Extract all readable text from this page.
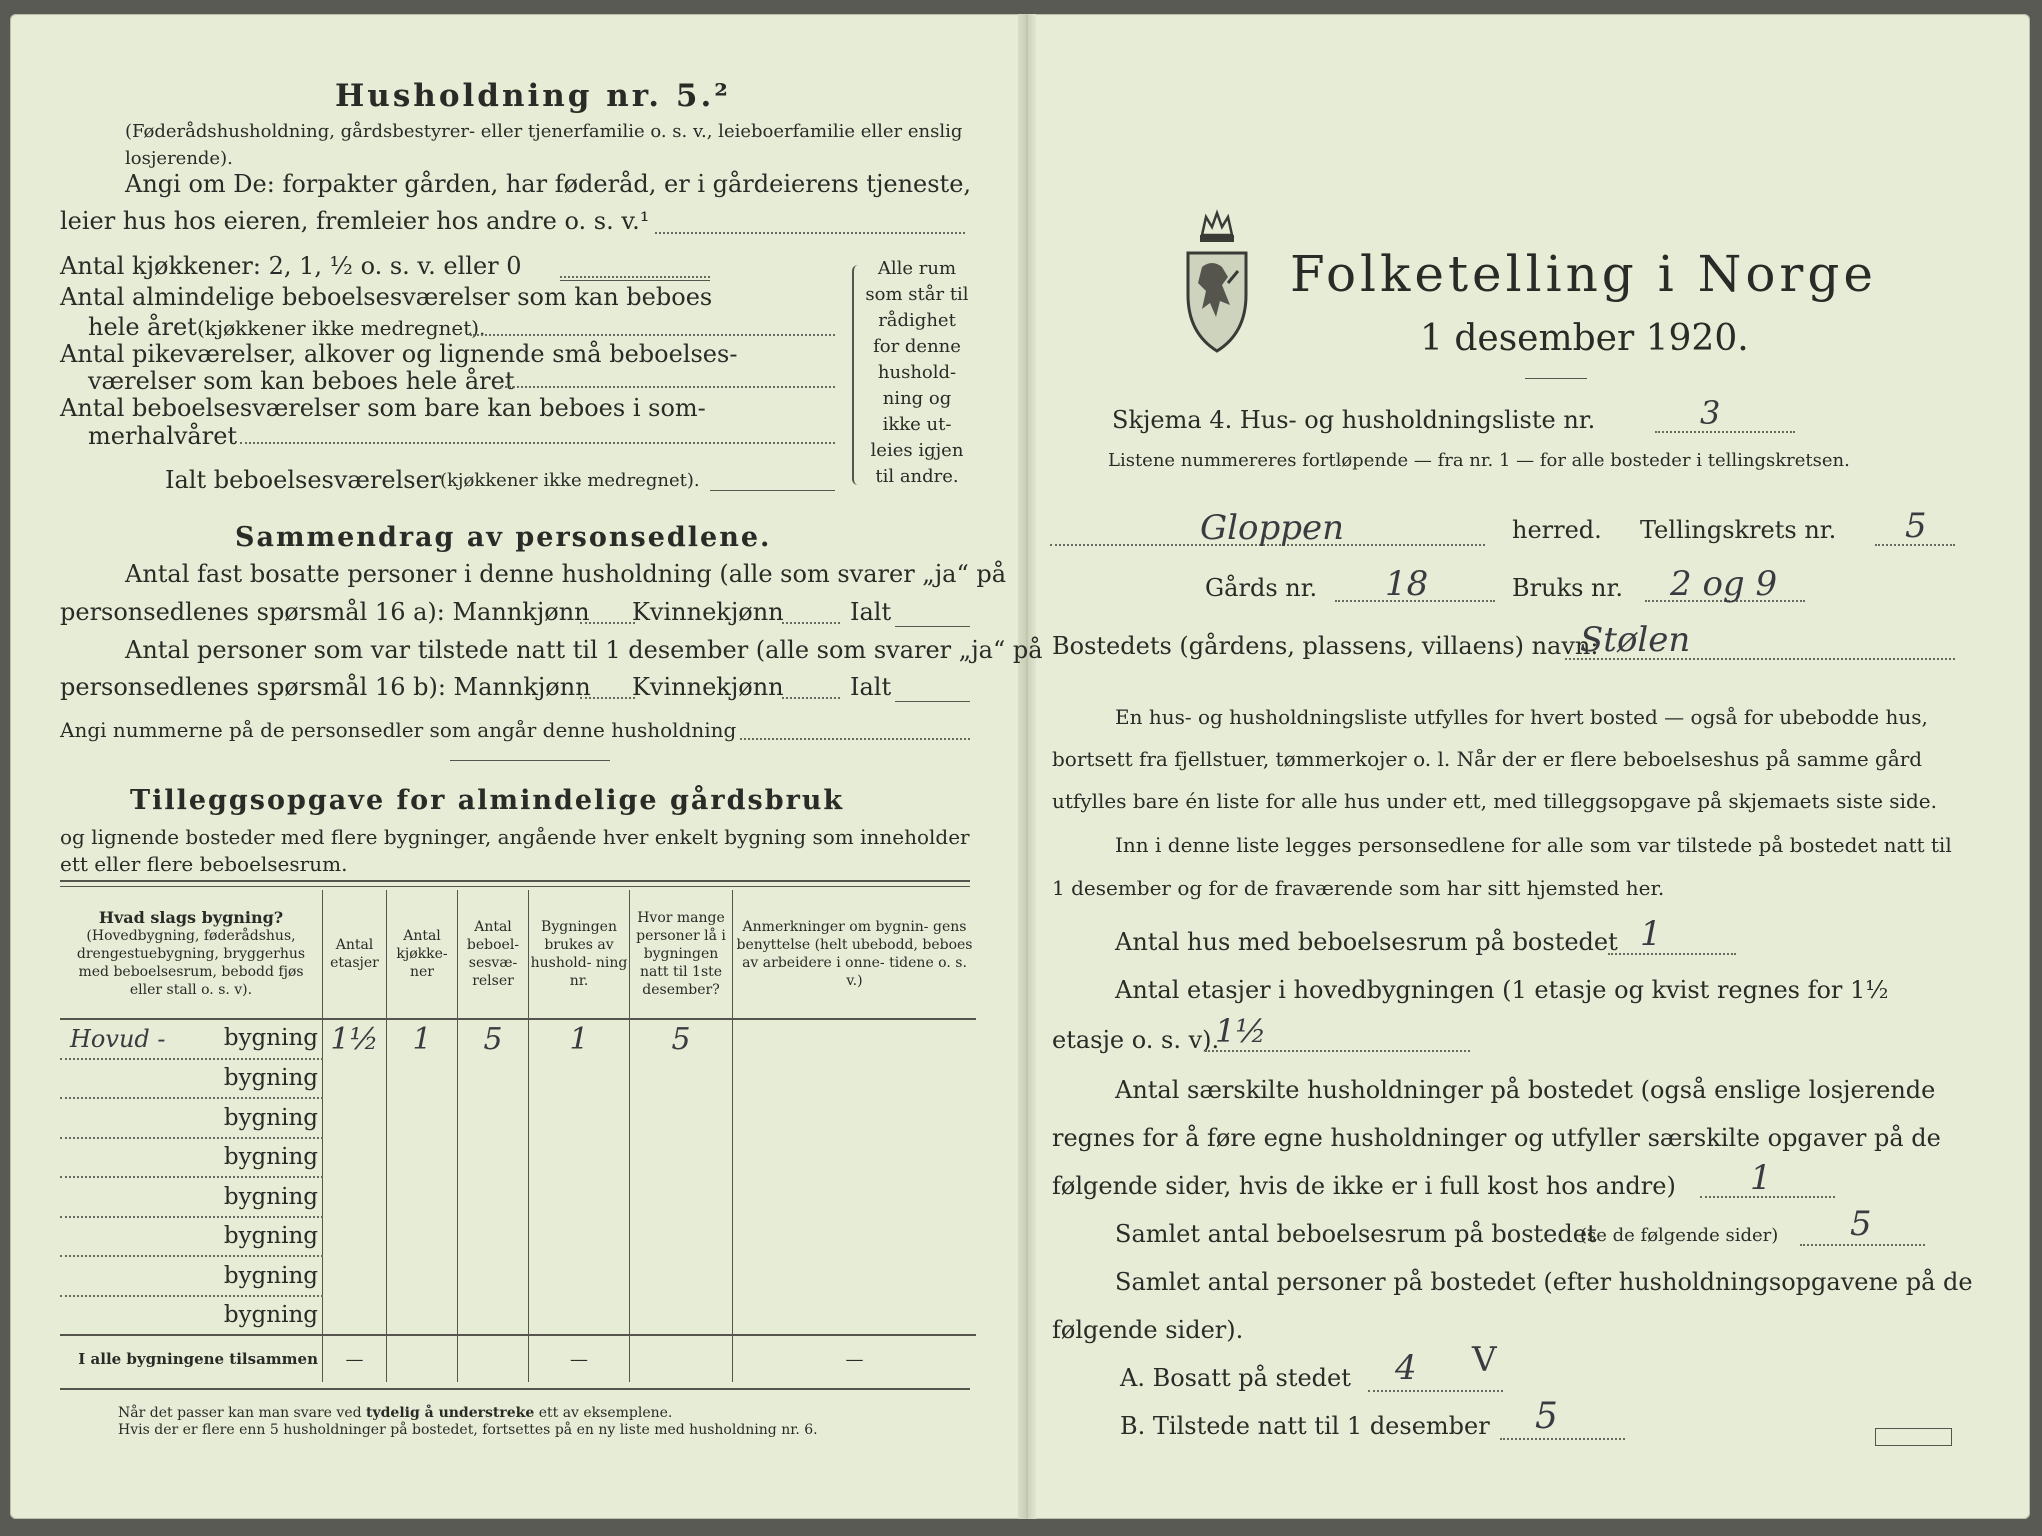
Husholdning nr. 5.²
(Føderådshusholdning, gårdsbestyrer- eller tjenerfamilie o. s. v., leieboerfamilie eller enslig losjerende).
Angi om De: forpakter gården, har føderåd, er i gårdeierens tjeneste,
leier hus hos eieren, fremleier hos andre o. s. v.¹
Antal kjøkkener: 2, 1, ½ o. s. v. eller 0
Antal almindelige beboelsesværelser som kan beboes
hele året (kjøkkener ikke medregnet).
Antal pikeværelser, alkover og lignende små beboelses-
værelser som kan beboes hele året
Antal beboelsesværelser som bare kan beboes i som-
merhalvåret
Ialt beboelsesværelser
(kjøkkener ikke medregnet).
Alle rum
som står til
rådighet
for denne
hushold-
ning og
ikke ut-
leies igjen
til andre.
Sammendrag av personsedlene.
Antal fast bosatte personer i denne husholdning (alle som svarer „ja“ på
personsedlenes spørsmål 16 a): Mannkjønn Kvinnekjønn	Ialt
Antal personer som var tilstede natt til 1 desember (alle som svarer „ja“ på
personsedlenes spørsmål 16 b): Mannkjønn Kvinnekjønn	Ialt
Angi nummerne på de personsedler som angår denne husholdning
Tilleggsopgave for almindelige gårdsbruk
og lignende bosteder med flere bygninger, angående hver enkelt bygning som inneholder
ett eller flere beboelsesrum.
Hvad slags bygning?
(Hovedbygning, føderådshus, drengestuebygning, bryggerhus med beboelsesrum, bebodd fjøs eller stall o. s. v).	Antal etasjer	Antal kjøkke- ner	Antal beboel- sesvæ- relser	Bygningen brukes av hushold- ning nr.	Hvor mange personer lå i bygningen natt til 1ste desember?	Anmerkninger om bygnin- gens benyttelse (helt ubebodd, beboes av arbeidere i onne- tidene o. s. v.)

Hovud - bygning	1½	1	5	1	5	
bygning						
bygning						
bygning						
bygning						
bygning						
bygning						
bygning						
I alle bygningene tilsammen	—			—		—
Når det passer kan man svare ved tydelig å understreke ett av eksemplene.
Hvis der er flere enn 5 husholdninger på bostedet, fortsettes på en ny liste med husholdning nr. 6.
Folketelling i Norge
1 desember 1920.
Skjema 4. Hus- og husholdningsliste nr.	3
Listene nummereres fortløpende — fra nr. 1 — for alle bosteder i tellingskretsen.
Gloppen	herred. Tellingskrets nr. 5
Gårds nr. 18	Bruks nr. 2 og 9
Bostedets (gårdens, plassens, villaens) navn:
Stølen
En hus- og husholdningsliste utfylles for hvert bosted — også for ubebodde hus,
bortsett fra fjellstuer, tømmerkojer o. l. Når der er flere beboelseshus på samme gård
utfylles bare én liste for alle hus under ett, med tilleggsopgave på skjemaets siste side.
Inn i denne liste legges personsedlene for alle som var tilstede på bostedet natt til
1 desember og for de fraværende som har sitt hjemsted her.
Antal hus med beboelsesrum på bostedet 1
Antal etasjer i hovedbygningen (1 etasje og kvist regnes for 1½
etasje o. s. v).
1½
Antal særskilte husholdninger på bostedet (også enslige losjerende
regnes for å føre egne husholdninger og utfyller særskilte opgaver på de
følgende sider, hvis de ikke er i full kost hos andre) 1
Samlet antal beboelsesrum på bostedet
(se de følgende sider) 5
Samlet antal personer på bostedet (efter husholdningsopgavene på de
følgende sider).
A. Bosatt på stedet 4 V
B. Tilstede natt til 1 desember 5
